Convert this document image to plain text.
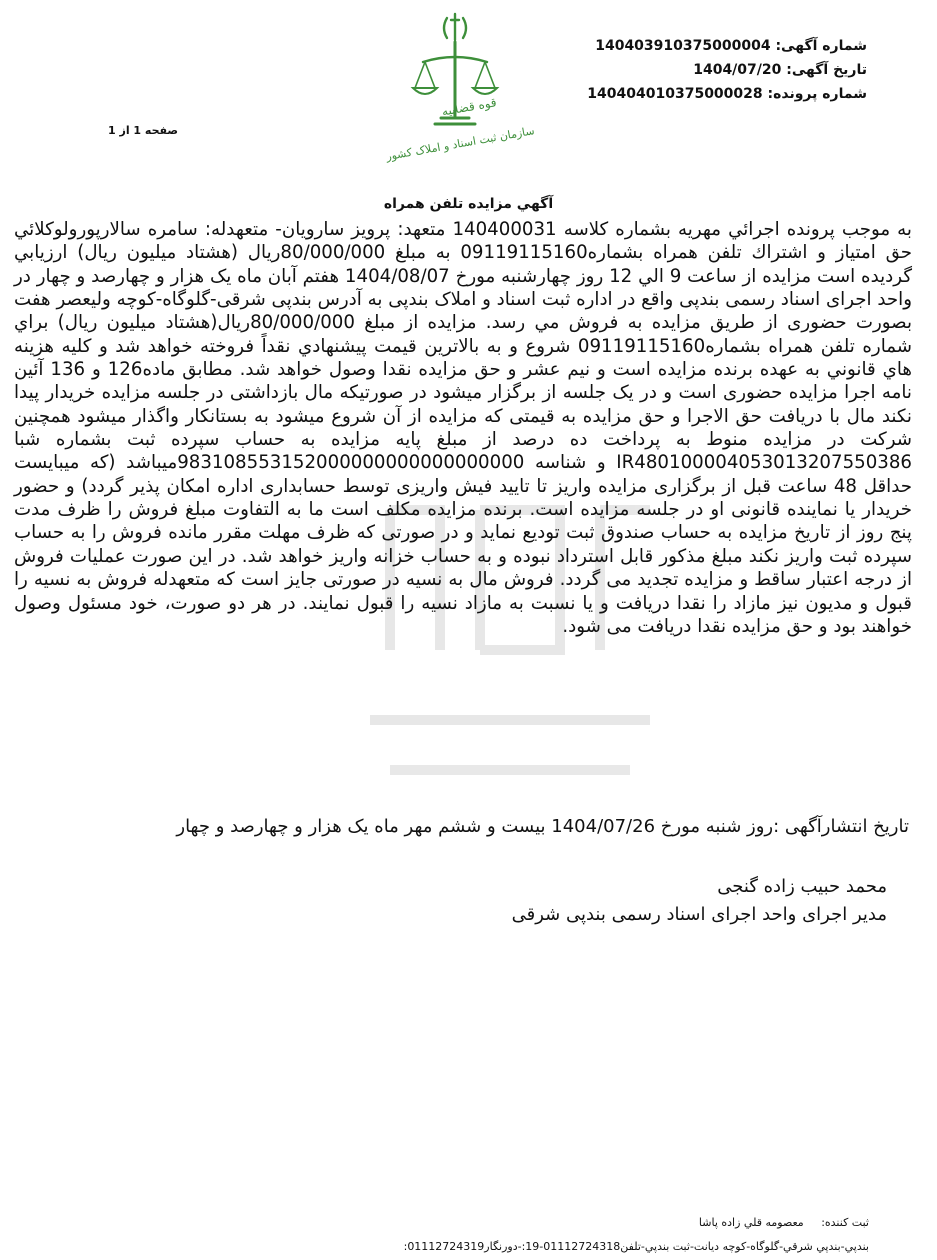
شماره آگهی: 140403910375000004
تاریخ آگهی: 1404/07/20
شماره پرونده: 140404010375000028
صفحه 1 از 1
قوه قضاییه
سازمان ثبت اسناد و املاک کشور
آگهي مزايده تلفن همراه

به موجب پرونده اجرائي مهريه بشماره كلاسه 140400031 متعهد: پرویز سارویان- متعهدله: سامره سالارپورولوكلائي حق امتياز و اشتراك تلفن همراه بشماره09119115160 به مبلغ 80/000/000ريال (هشتاد ميليون ريال) ارزيابي گرديده است مزايده از ساعت 9 الي 12 روز چهارشنبه مورخ 1404/08/07 هفتم آبان ماه یک هزار و چهارصد و چهار در واحد اجرای اسناد رسمی بندپی واقع در اداره ثبت اسناد و املاک بندپی به آدرس بندپی شرقی-گلوگاه-کوچه ولیعصر هفت بصورت حضوری از طريق مزايده به فروش مي رسد. مزايده از مبلغ 80/000/000ريال(هشتاد ميليون ريال) براي شماره تلفن همراه بشماره09119115160 شروع و به بالاترين قيمت پيشنهادي نقداً فروخته خواهد شد و كليه هزينه هاي قانوني به عهده برنده مزايده است و نيم عشر و حق مزايده نقدا وصول خواهد شد. مطابق ماده126 و 136 آئين نامه اجرا مزايده حضوری است و در یک جلسه از برگزار میشود در صورتیکه مال بازداشتی در جلسه مزایده خریدار پیدا نکند مال با دریافت حق الاجرا و حق مزایده به قیمتی که مزایده از آن شروع میشود به بستانکار واگذار میشود همچنین شرکت در مزایده منوط به پرداخت ده درصد از مبلغ پایه مزایده به حساب سپرده ثبت بشماره شبا IR480100004053013207550386 و شناسه 983108553152000000000000000000میباشد (که میبایست حداقل 48 ساعت قبل از برگزاری مزایده واریز تا تایید فیش واریزی توسط حسابداری اداره امکان پذیر گردد) و حضور خریدار یا نماینده قانونی او در جلسه مزایده است. برنده مزایده مکلف است ما به التفاوت مبلغ فروش را ظرف مدت پنج روز از تاریخ مزایده به حساب صندوق ثبت تودیع نماید و در صورتی که ظرف مهلت مقرر مانده فروش را به حساب سپرده ثبت واریز نکند مبلغ مذکور قابل استرداد نبوده و به حساب خزانه واریز خواهد شد. در این صورت عملیات فروش از درجه اعتبار ساقط و مزایده تجدید می گردد. فروش مال به نسیه در صورتی جایز است که متعهدله فروش به نسیه را قبول و مدیون نیز مازاد را نقدا دریافت و یا نسبت به مازاد نسیه را قبول نمایند. در هر دو صورت، خود مسئول وصول خواهند بود و حق مزایده نقدا دریافت می شود.

تاریخ انتشارآگهی :روز شنبه مورخ 1404/07/26 بیست و ششم مهر ماه یک هزار و چهارصد و چهار
محمد حبیب زاده گنجی
مدیر اجرای واحد اجرای اسناد رسمی بندپی شرقی
ثبت كننده: معصومه قلي زاده پاشا
بندپي-بندپي شرقي-گلوگاه-كوچه ديانت-ثبت بندپي-تلفن01112724318-19:-دورنگار01112724319:
